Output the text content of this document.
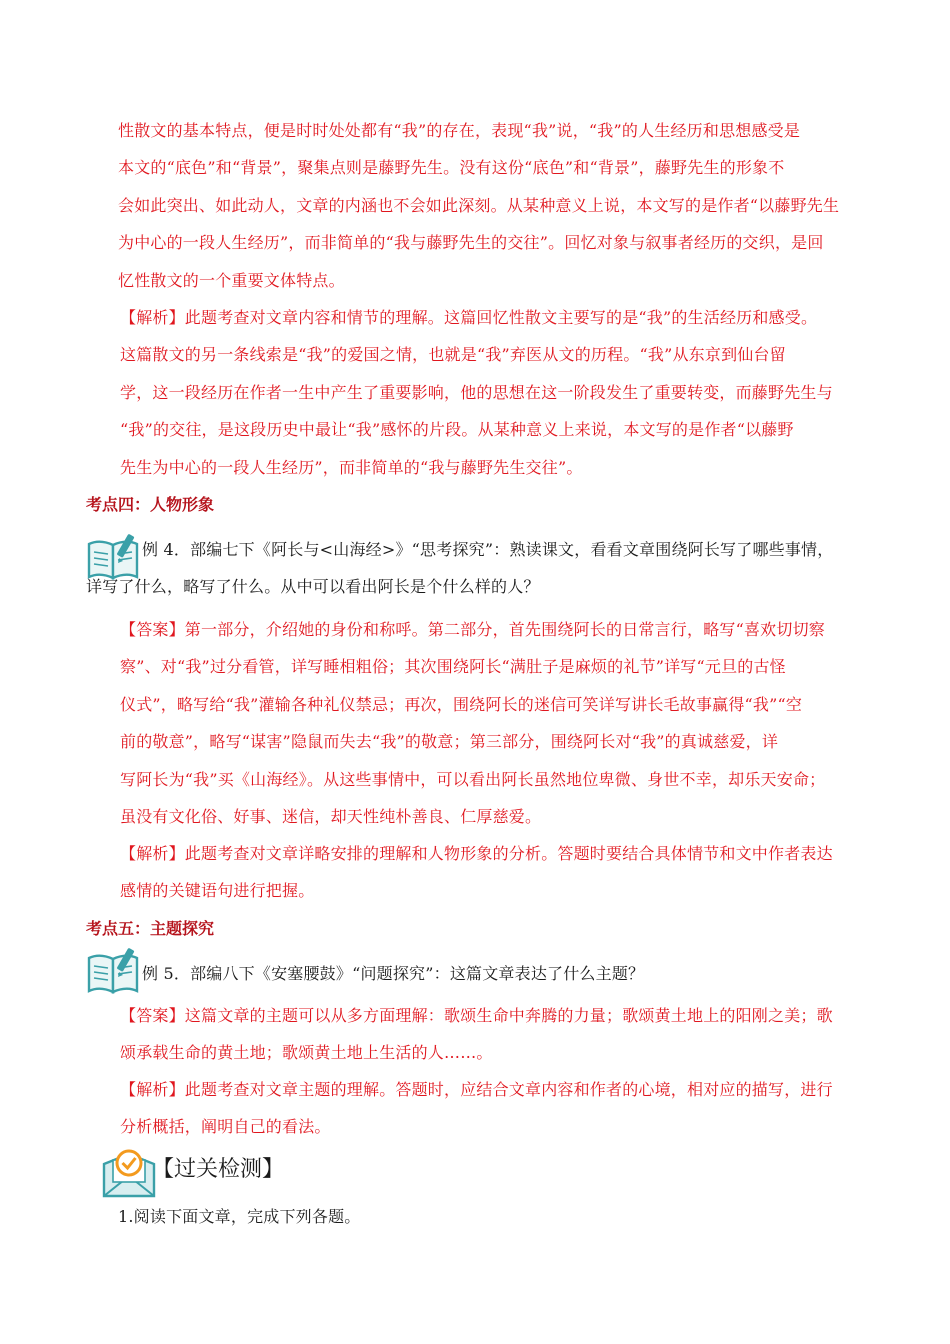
性散文的基本特点，便是时时处处都有“我”的存在，表现“我”说，“我”的人生经历和思想感受是
本文的“底色”和“背景”，聚集点则是藤野先生。没有这份“底色”和“背景”，藤野先生的形象不
会如此突出、如此动人，文章的内涵也不会如此深刻。从某种意义上说，本文写的是作者“以藤野先生
为中心的一段人生经历”，而非简单的“我与藤野先生的交往”。回忆对象与叙事者经历的交织，是回
忆性散文的一个重要文体特点。
【解析】此题考查对文章内容和情节的理解。这篇回忆性散文主要写的是“我”的生活经历和感受。
这篇散文的另一条线索是“我”的爱国之情，也就是“我”弃医从文的历程。“我”从东京到仙台留
学，这一段经历在作者一生中产生了重要影响，他的思想在这一阶段发生了重要转变，而藤野先生与
“我”的交往，是这段历史中最让“我”感怀的片段。从某种意义上来说，本文写的是作者“以藤野
先生为中心的一段人生经历”，而非简单的“我与藤野先生交往”。

考点四：人物形象

例 4．部编七下《阿长与<山海经>》“思考探究”：熟读课文，看看文章围绕阿长写了哪些事情，
详写了什么，略写了什么。从中可以看出阿长是个什么样的人？
【答案】第一部分，介绍她的身份和称呼。第二部分，首先围绕阿长的日常言行，略写“喜欢切切察
察”、对“我”过分看管，详写睡相粗俗；其次围绕阿长“满肚子是麻烦的礼节”详写“元旦的古怪
仪式”，略写给“我”灌输各种礼仪禁忌；再次，围绕阿长的迷信可笑详写讲长毛故事赢得“我”“空
前的敬意”，略写“谋害”隐鼠而失去“我”的敬意；第三部分，围绕阿长对“我”的真诚慈爱，详
写阿长为“我”买《山海经》。从这些事情中，可以看出阿长虽然地位卑微、身世不幸，却乐天安命；
虽没有文化俗、好事、迷信，却天性纯朴善良、仁厚慈爱。
【解析】此题考查对文章详略安排的理解和人物形象的分析。答题时要结合具体情节和文中作者表达
感情的关键语句进行把握。

考点五：主题探究

例 5．部编八下《安塞腰鼓》“问题探究”：这篇文章表达了什么主题？
【答案】这篇文章的主题可以从多方面理解：歌颂生命中奔腾的力量；歌颂黄土地上的阳刚之美；歌
颂承载生命的黄土地；歌颂黄土地上生活的人……。
【解析】此题考查对文章主题的理解。答题时，应结合文章内容和作者的心境，相对应的描写，进行
分析概括，阐明自己的看法。

【过关检测】

1.阅读下面文章，完成下列各题。
